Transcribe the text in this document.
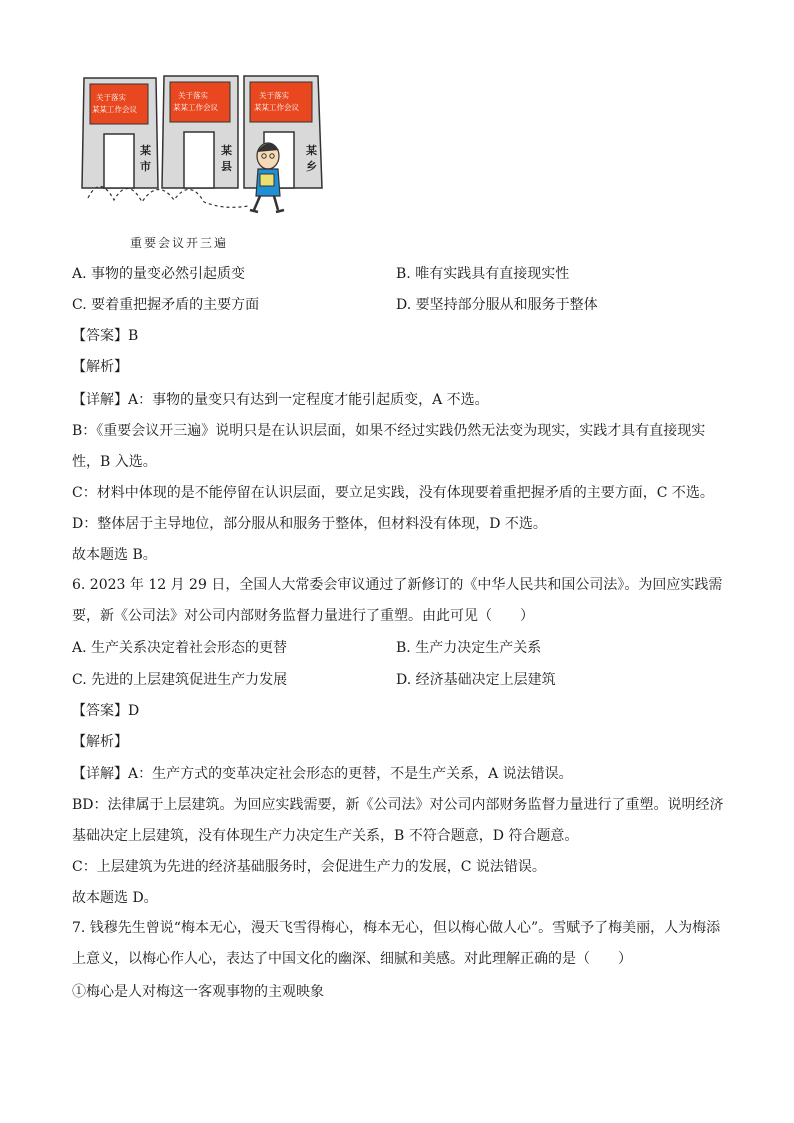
关于落实
某某工作会议
某
市
关于落实
某某工作会议
某
县
关于落实
某某工作会议
某
乡
重要会议开三遍
A. 事物的量变必然引起质变	B. 唯有实践具有直接现实性
C. 要着重把握矛盾的主要方面	D. 要坚持部分服从和服务于整体
【答案】B
【解析】
【详解】A：事物的量变只有达到一定程度才能引起质变，A 不选。
B：《重要会议开三遍》说明只是在认识层面，如果不经过实践仍然无法变为现实，实践才具有直接现实性，B 入选。
C：材料中体现的是不能停留在认识层面，要立足实践，没有体现要着重把握矛盾的主要方面，C 不选。
D：整体居于主导地位，部分服从和服务于整体，但材料没有体现，D 不选。
故本题选 B。
6. 2023 年 12 月 29 日，全国人大常委会审议通过了新修订的《中华人民共和国公司法》。为回应实践需要，新《公司法》对公司内部财务监督力量进行了重塑。由此可见（　　）
A. 生产关系决定着社会形态的更替	B. 生产力决定生产关系
C. 先进的上层建筑促进生产力发展	D. 经济基础决定上层建筑
【答案】D
【解析】
【详解】A：生产方式的变革决定社会形态的更替，不是生产关系，A 说法错误。
BD：法律属于上层建筑。为回应实践需要，新《公司法》对公司内部财务监督力量进行了重塑。说明经济基础决定上层建筑，没有体现生产力决定生产关系，B 不符合题意，D 符合题意。
C：上层建筑为先进的经济基础服务时，会促进生产力的发展，C 说法错误。
故本题选 D。
7. 钱穆先生曾说“梅本无心，漫天飞雪得梅心，梅本无心，但以梅心做人心”。雪赋予了梅美丽，人为梅添上意义，以梅心作人心，表达了中国文化的幽深、细腻和美感。对此理解正确的是（　　）
①梅心是人对梅这一客观事物的主观映象
